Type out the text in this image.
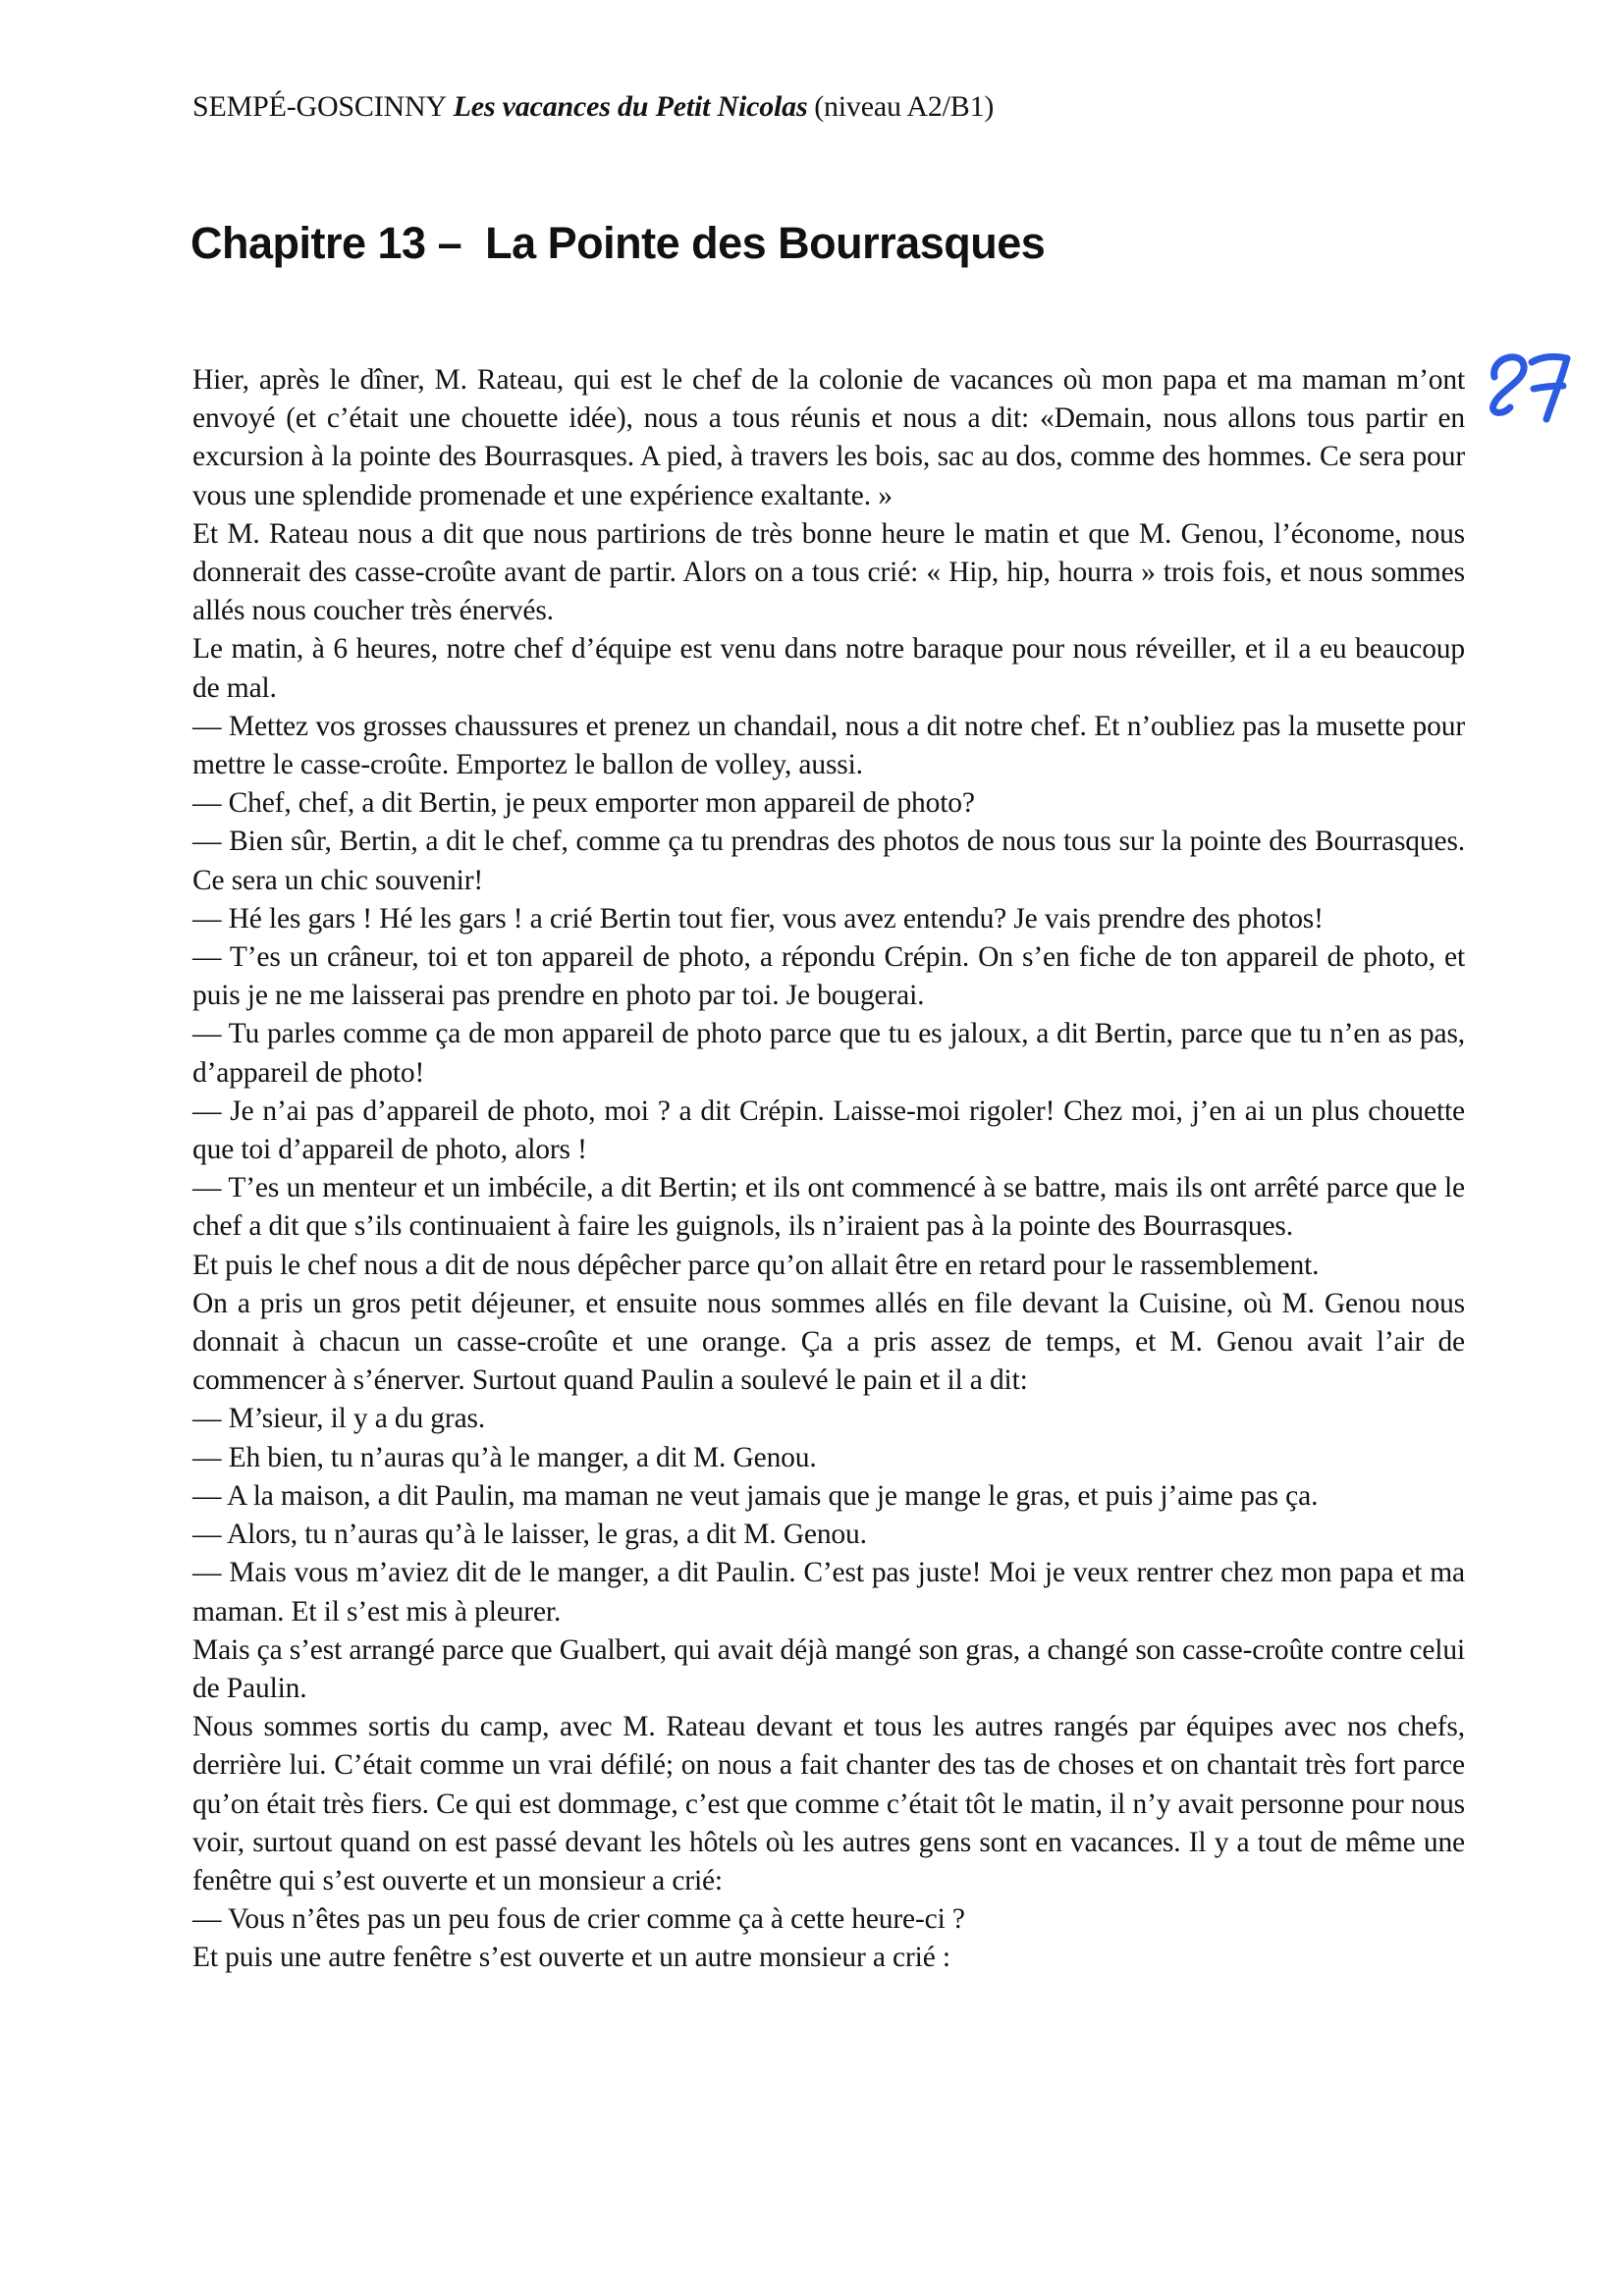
SEMPÉ-GOSCINNY Les vacances du Petit Nicolas (niveau A2/B1)
Chapitre 13 –  La Pointe des Bourrasques

Hier, après le dîner, M. Rateau, qui est le chef de la colonie de vacances où mon papa et ma maman m’ont envoyé (et c’était une chouette idée), nous a tous réunis et nous a dit: «Demain, nous allons tous partir en excursion à la pointe des Bourrasques. A pied, à travers les bois, sac au dos, comme des hommes. Ce sera pour vous une splendide promenade et une expérience exaltante. »

Et M. Rateau nous a dit que nous partirions de très bonne heure le matin et que M. Genou, l’économe, nous donnerait des casse-croûte avant de partir. Alors on a tous crié: « Hip, hip, hourra » trois fois, et nous sommes allés nous coucher très énervés.

Le matin, à 6 heures, notre chef d’équipe est venu dans notre baraque pour nous réveiller, et il a eu beaucoup de mal.

— Mettez vos grosses chaussures et prenez un chandail, nous a dit notre chef. Et n’oubliez pas la musette pour mettre le casse-croûte. Emportez le ballon de volley, aussi.

— Chef, chef, a dit Bertin, je peux emporter mon appareil de photo?

— Bien sûr, Bertin, a dit le chef, comme ça tu prendras des photos de nous tous sur la pointe des Bourrasques. Ce sera un chic souvenir!

— Hé les gars ! Hé les gars ! a crié Bertin tout fier, vous avez entendu? Je vais prendre des photos!

— T’es un crâneur, toi et ton appareil de photo, a répondu Crépin. On s’en fiche de ton appareil de photo, et puis je ne me laisserai pas prendre en photo par toi. Je bougerai.

— Tu parles comme ça de mon appareil de photo parce que tu es jaloux, a dit Bertin, parce que tu n’en as pas, d’appareil de photo!

— Je n’ai pas d’appareil de photo, moi ? a dit Crépin. Laisse-moi rigoler! Chez moi, j’en ai un plus chouette que toi d’appareil de photo, alors !

— T’es un menteur et un imbécile, a dit Bertin; et ils ont commencé à se battre, mais ils ont arrêté parce que le chef a dit que s’ils continuaient à faire les guignols, ils n’iraient pas à la pointe des Bourrasques.

Et puis le chef nous a dit de nous dépêcher parce qu’on allait être en retard pour le rassemblement.

On a pris un gros petit déjeuner, et ensuite nous sommes allés en file devant la Cuisine, où M. Genou nous donnait à chacun un casse-croûte et une orange. Ça a pris assez de temps, et M. Genou avait l’air de commencer à s’énerver. Surtout quand Paulin a soulevé le pain et il a dit:

— M’sieur, il y a du gras.

— Eh bien, tu n’auras qu’à le manger, a dit M. Genou.

— A la maison, a dit Paulin, ma maman ne veut jamais que je mange le gras, et puis j’aime pas ça.

— Alors, tu n’auras qu’à le laisser, le gras, a dit M. Genou.

— Mais vous m’aviez dit de le manger, a dit Paulin. C’est pas juste! Moi je veux rentrer chez mon papa et ma maman. Et il s’est mis à pleurer.

Mais ça s’est arrangé parce que Gualbert, qui avait déjà mangé son gras, a changé son casse-croûte contre celui de Paulin.

Nous sommes sortis du camp, avec M. Rateau devant et tous les autres rangés par équipes avec nos chefs, derrière lui. C’était comme un vrai défilé; on nous a fait chanter des tas de choses et on chantait très fort parce qu’on était très fiers. Ce qui est dommage, c’est que comme c’était tôt le matin, il n’y avait personne pour nous voir, surtout quand on est passé devant les hôtels où les autres gens sont en vacances. Il y a tout de même une fenêtre qui s’est ouverte et un monsieur a crié:

— Vous n’êtes pas un peu fous de crier comme ça à cette heure-ci ?

Et puis une autre fenêtre s’est ouverte et un autre monsieur a crié :
